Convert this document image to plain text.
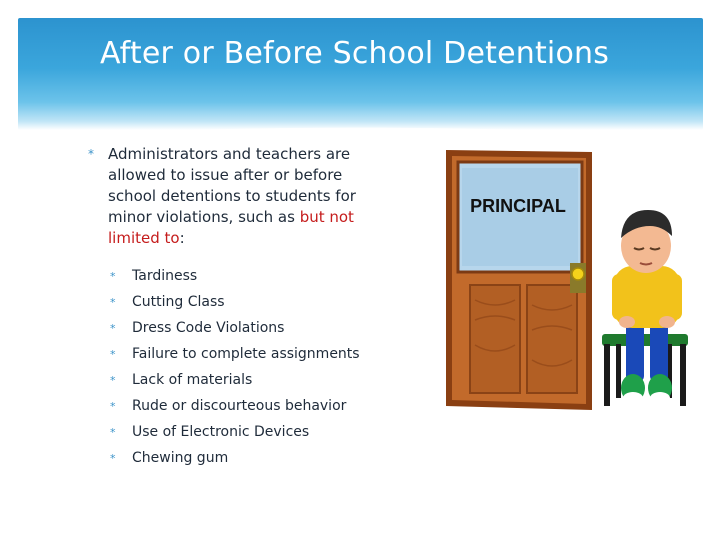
After or Before School Detentions
* Administrators and teachers are allowed to issue after or before school detentions to students for minor violations, such as but not limited to:
* Tardiness
* Cutting Class
* Dress Code Violations
* Failure to complete assignments
* Lack of materials
* Rude or discourteous behavior
* Use of Electronic Devices
* Chewing gum
PRINCIPAL
